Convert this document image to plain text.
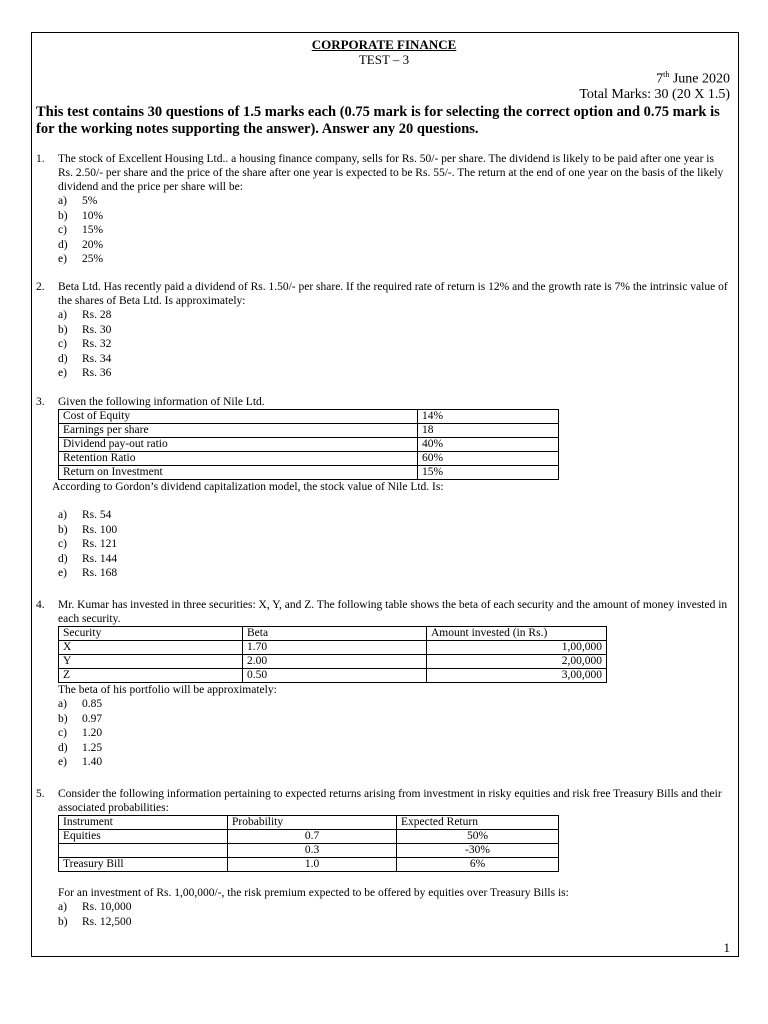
CORPORATE FINANCE
TEST – 3
7th June 2020
Total Marks: 30 (20 X 1.5)
This test contains 30 questions of 1.5 marks each (0.75 mark is for selecting the correct option and 0.75 mark is for the working notes supporting the answer). Answer any 20 questions.
1. The stock of Excellent Housing Ltd.. a housing finance company, sells for Rs. 50/- per share. The dividend is likely to be paid after one year is Rs. 2.50/- per share and the price of the share after one year is expected to be Rs. 55/-. The return at the end of one year on the basis of the likely dividend and the price per share will be:
a) 5%
b) 10%
c) 15%
d) 20%
e) 25%
2. Beta Ltd. Has recently paid a dividend of Rs. 1.50/- per share. If the required rate of return is 12% and the growth rate is 7% the intrinsic value of the shares of Beta Ltd. Is approximately:
a) Rs. 28
b) Rs. 30
c) Rs. 32
d) Rs. 34
e) Rs. 36
3. Given the following information of Nile Ltd.
Cost of Equity	14%
Earnings per share	18
Dividend pay-out ratio	40%
Retention Ratio	60%
Return on Investment	15%
According to Gordon’s dividend capitalization model, the stock value of Nile Ltd. Is:
a) Rs. 54
b) Rs. 100
c) Rs. 121
d) Rs. 144
e) Rs. 168
4. Mr. Kumar has invested in three securities: X, Y, and Z. The following table shows the beta of each security and the amount of money invested in each security.
Security	Beta	Amount invested (in Rs.)
X	1.70	1,00,000
Y	2.00	2,00,000
Z	0.50	3,00,000
The beta of his portfolio will be approximately:
a) 0.85
b) 0.97
c) 1.20
d) 1.25
e) 1.40
5. Consider the following information pertaining to expected returns arising from investment in risky equities and risk free Treasury Bills and their associated probabilities:
Instrument	Probability	Expected Return
Equities	0.7	50%
	0.3	-30%
Treasury Bill	1.0	6%
For an investment of Rs. 1,00,000/-, the risk premium expected to be offered by equities over Treasury Bills is:
a) Rs. 10,000
b) Rs. 12,500
1
